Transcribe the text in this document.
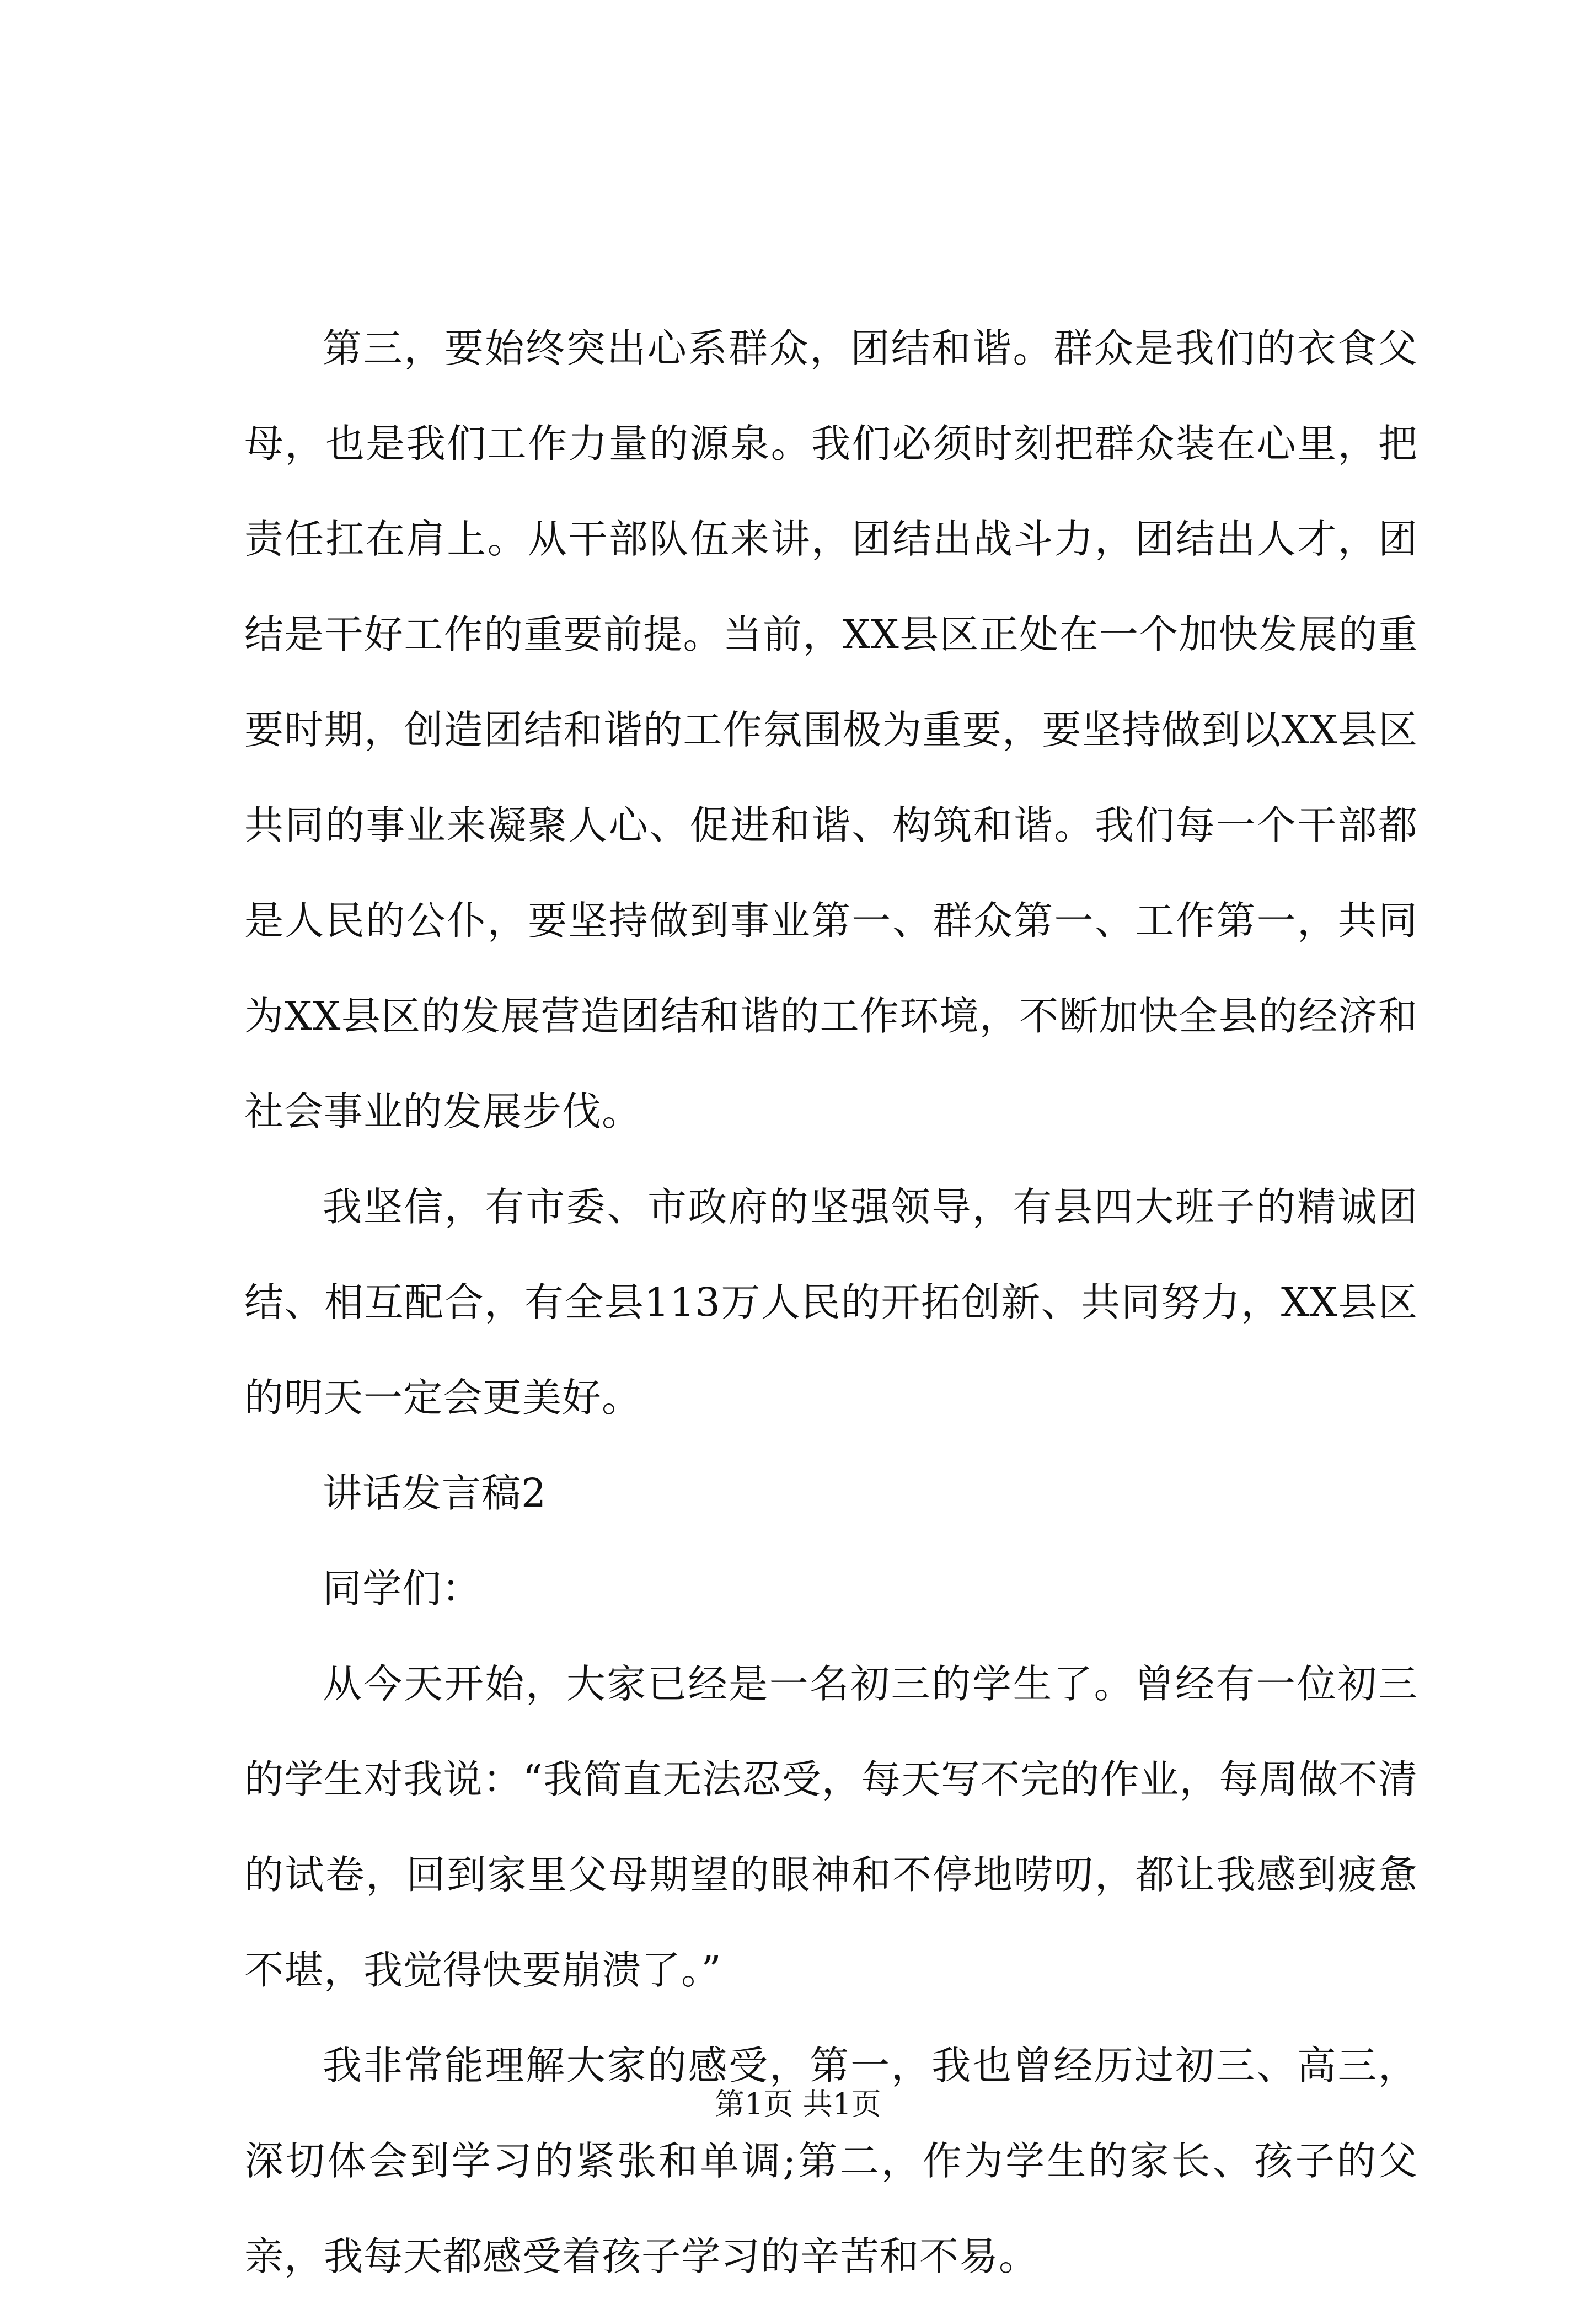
第三，要始终突出心系群众，团结和谐。群众是我们的衣食父母，也是我们工作力量的源泉。我们必须时刻把群众装在心里，把责任扛在肩上。从干部队伍来讲，团结出战斗力，团结出人才，团结是干好工作的重要前提。当前，XX县区正处在一个加快发展的重要时期，创造团结和谐的工作氛围极为重要，要坚持做到以XX县区共同的事业来凝聚人心、促进和谐、构筑和谐。我们每一个干部都是人民的公仆，要坚持做到事业第一、群众第一、工作第一，共同为XX县区的发展营造团结和谐的工作环境，不断加快全县的经济和社会事业的发展步伐。

我坚信，有市委、市政府的坚强领导，有县四大班子的精诚团结、相互配合，有全县113万人民的开拓创新、共同努力，XX县区的明天一定会更美好。

讲话发言稿2

同学们：

从今天开始，大家已经是一名初三的学生了。曾经有一位初三的学生对我说：“我简直无法忍受，每天写不完的作业，每周做不清的试卷，回到家里父母期望的眼神和不停地唠叨，都让我感到疲惫不堪，我觉得快要崩溃了。”

我非常能理解大家的感受，第一，我也曾经历过初三、高三，深切体会到学习的紧张和单调;第二，作为学生的家长、孩子的父亲，我每天都感受着孩子学习的辛苦和不易。

第1页 共1页
